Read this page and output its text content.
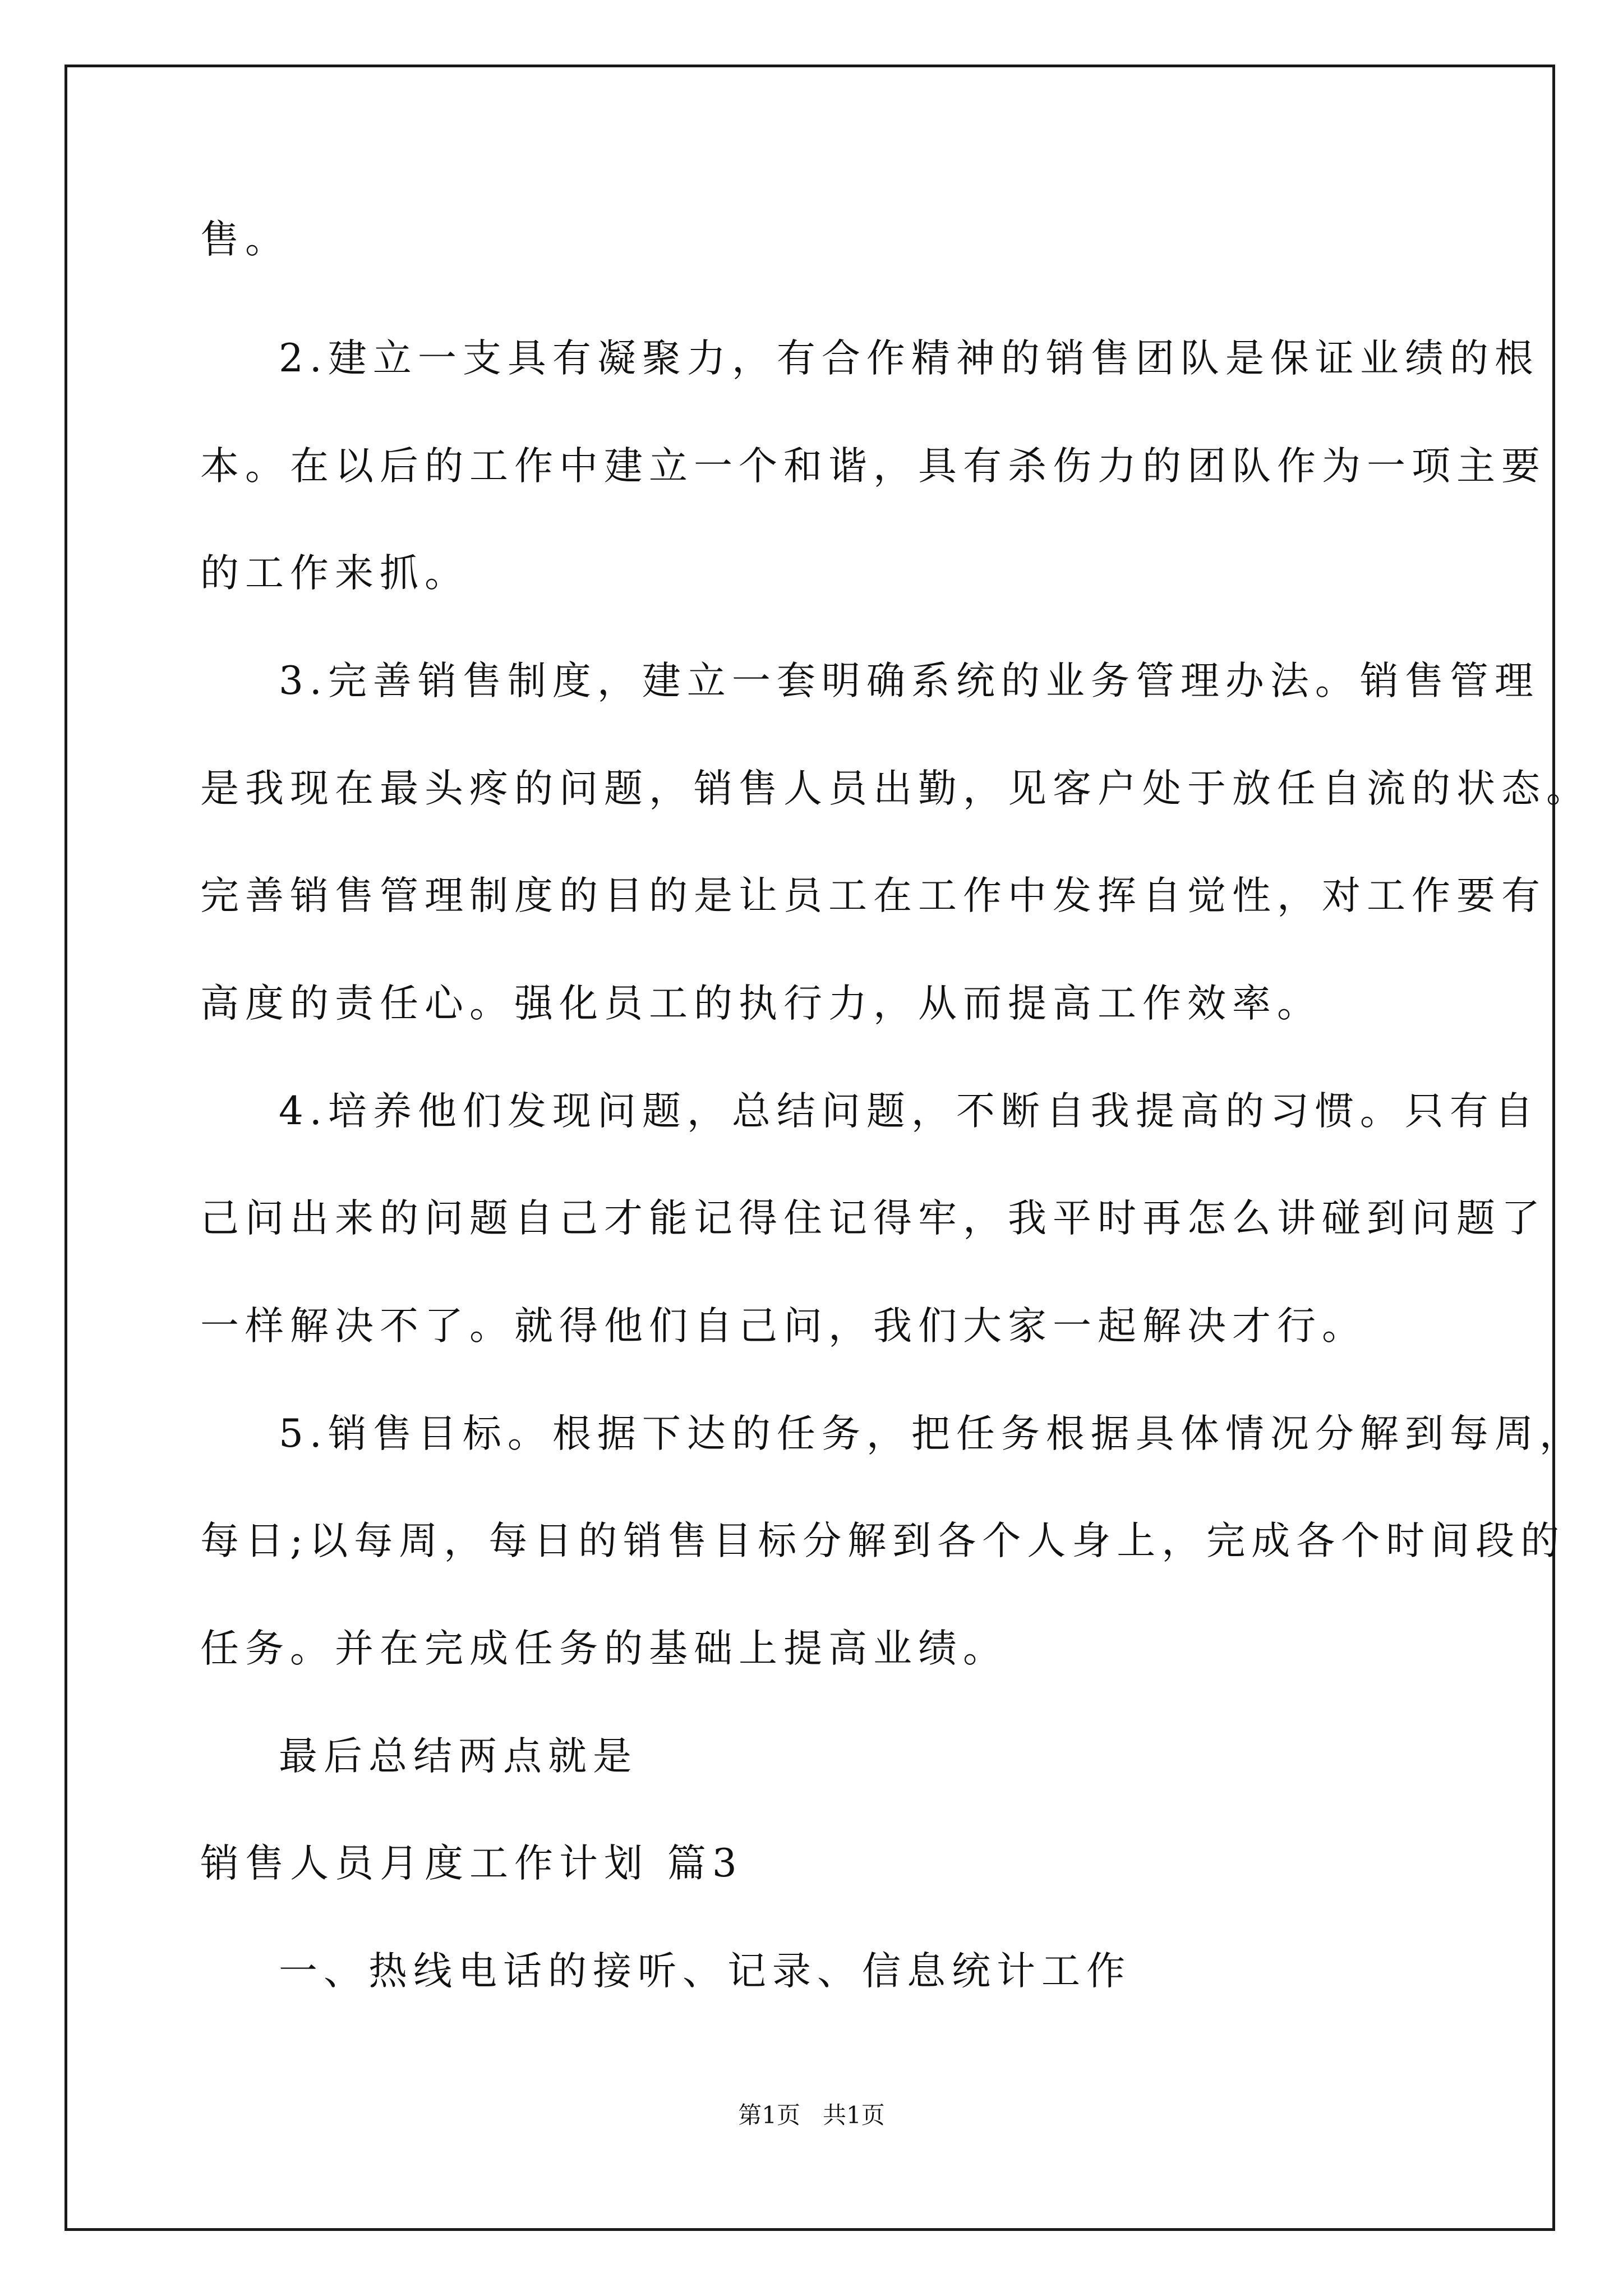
售。
2.建立一支具有凝聚力，有合作精神的销售团队是保证业绩的根
本。在以后的工作中建立一个和谐，具有杀伤力的团队作为一项主要
的工作来抓。
3.完善销售制度，建立一套明确系统的业务管理办法。销售管理
是我现在最头疼的问题，销售人员出勤，见客户处于放任自流的状态。
完善销售管理制度的目的是让员工在工作中发挥自觉性，对工作要有
高度的责任心。强化员工的执行力，从而提高工作效率。
4.培养他们发现问题，总结问题，不断自我提高的习惯。只有自
己问出来的问题自己才能记得住记得牢，我平时再怎么讲碰到问题了
一样解决不了。就得他们自己问，我们大家一起解决才行。
5.销售目标。根据下达的任务，把任务根据具体情况分解到每周，
每日;以每周，每日的销售目标分解到各个人身上，完成各个时间段的
任务。并在完成任务的基础上提高业绩。
最后总结两点就是
销售人员月度工作计划 篇3
一、热线电话的接听、记录、信息统计工作
第1页   共1页
